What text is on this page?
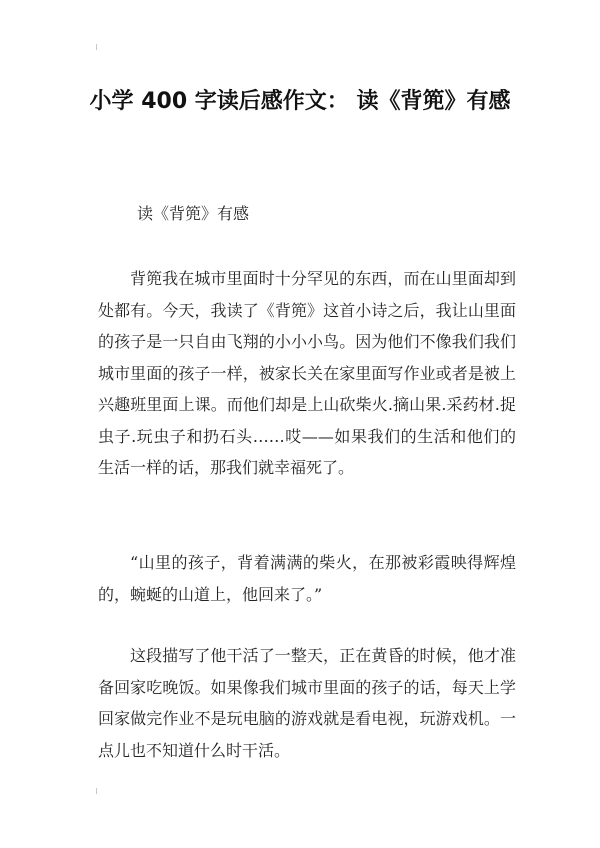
小学 400 字读后感作文： 读《背篼》有感
读《背篼》有感

背篼我在城市里面时十分罕见的东西，而在山里面却到处都有。今天，我读了《背篼》这首小诗之后，我让山里面的孩子是一只自由飞翔的小小小鸟。因为他们不像我们我们城市里面的孩子一样，被家长关在家里面写作业或者是被上兴趣班里面上课。而他们却是上山砍柴火.摘山果.采药材.捉虫子.玩虫子和扔石头……哎——如果我们的生活和他们的生活一样的话，那我们就幸福死了。

“山里的孩子，背着满满的柴火，在那被彩霞映得辉煌的，蜿蜒的山道上，他回来了。”

这段描写了他干活了一整天，正在黄昏的时候，他才准备回家吃晚饭。如果像我们城市里面的孩子的话，每天上学回家做完作业不是玩电脑的游戏就是看电视，玩游戏机。一点儿也不知道什么时干活。
